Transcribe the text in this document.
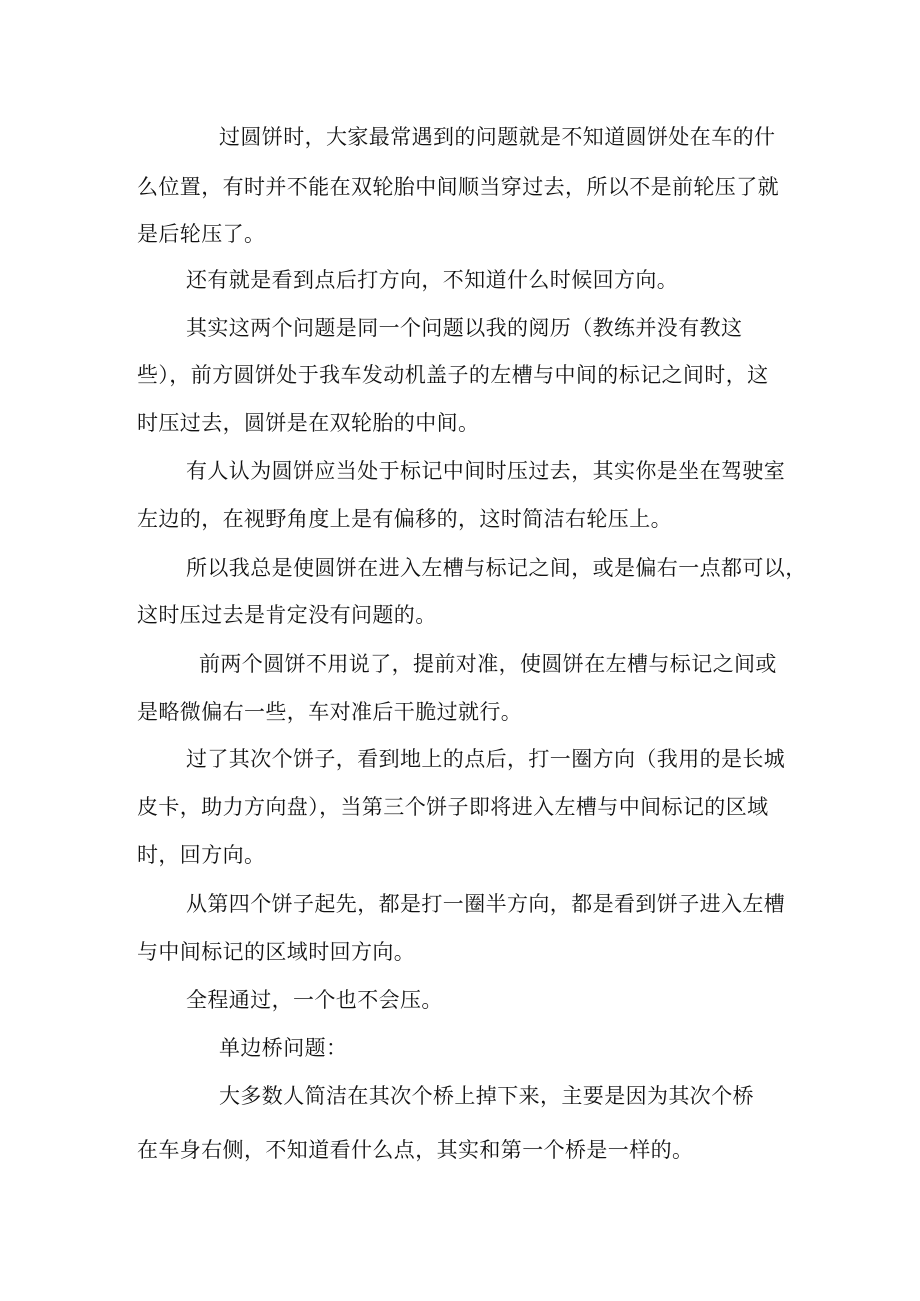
过圆饼时，大家最常遇到的问题就是不知道圆饼处在车的什
么位置，有时并不能在双轮胎中间顺当穿过去，所以不是前轮压了就
是后轮压了。
还有就是看到点后打方向，不知道什么时候回方向。
其实这两个问题是同一个问题以我的阅历（教练并没有教这
些），前方圆饼处于我车发动机盖子的左槽与中间的标记之间时，这
时压过去，圆饼是在双轮胎的中间。
有人认为圆饼应当处于标记中间时压过去，其实你是坐在驾驶室
左边的，在视野角度上是有偏移的，这时简洁右轮压上。
所以我总是使圆饼在进入左槽与标记之间，或是偏右一点都可以，
这时压过去是肯定没有问题的。
前两个圆饼不用说了，提前对准，使圆饼在左槽与标记之间或
是略微偏右一些，车对准后干脆过就行。
过了其次个饼子，看到地上的点后，打一圈方向（我用的是长城
皮卡，助力方向盘），当第三个饼子即将进入左槽与中间标记的区域
时，回方向。
从第四个饼子起先，都是打一圈半方向，都是看到饼子进入左槽
与中间标记的区域时回方向。
全程通过，一个也不会压。
单边桥问题：
大多数人简洁在其次个桥上掉下来，主要是因为其次个桥
在车身右侧，不知道看什么点，其实和第一个桥是一样的。
